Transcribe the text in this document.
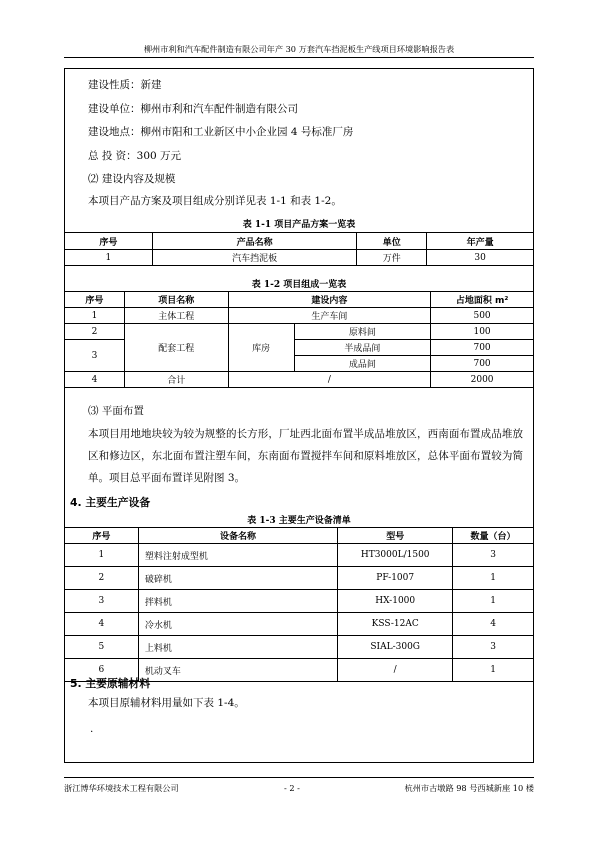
柳州市利和汽车配件制造有限公司年产 30 万套汽车挡泥板生产线项目环境影响报告表
建设性质：新建
建设单位：柳州市利和汽车配件制造有限公司
建设地点：柳州市阳和工业新区中小企业园 4 号标准厂房
总 投 资：300 万元
⑵ 建设内容及规模
本项目产品方案及项目组成分别详见表 1-1 和表 1-2。
表 1-1 项目产品方案一览表
序号	产品名称	单位	年产量
1	汽车挡泥板	万件	30
表 1-2 项目组成一览表
序号	项目名称	建设内容		占地面积 m²
1	主体工程	生产车间		500
2	配套工程	库房	原料间	100
3			半成品间	700
			成品间	700
4	合计	/		2000
⑶ 平面布置
本项目用地地块较为较为规整的长方形，厂址西北面布置半成品堆放区，西南面布置成品堆放区和修边区，东北面布置注塑车间，东南面布置搅拌车间和原料堆放区，总体平面布置较为简单。项目总平面布置详见附图 3。
4. 主要生产设备
表 1-3 主要生产设备清单
序号	设备名称	型号	数量（台）
1	塑料注射成型机	HT3000L/1500	3
2	破碎机	PF-1007	1
3	拌料机	HX-1000	1
4	冷水机	KSS-12AC	4
5	上料机	SIAL-300G	3
6	机动叉车	/	1
5. 主要原辅材料
本项目原辅材料用量如下表 1-4。
.
浙江博华环境技术工程有限公司	- 2 -	杭州市古墩路 98 号西城新座 10 楼
